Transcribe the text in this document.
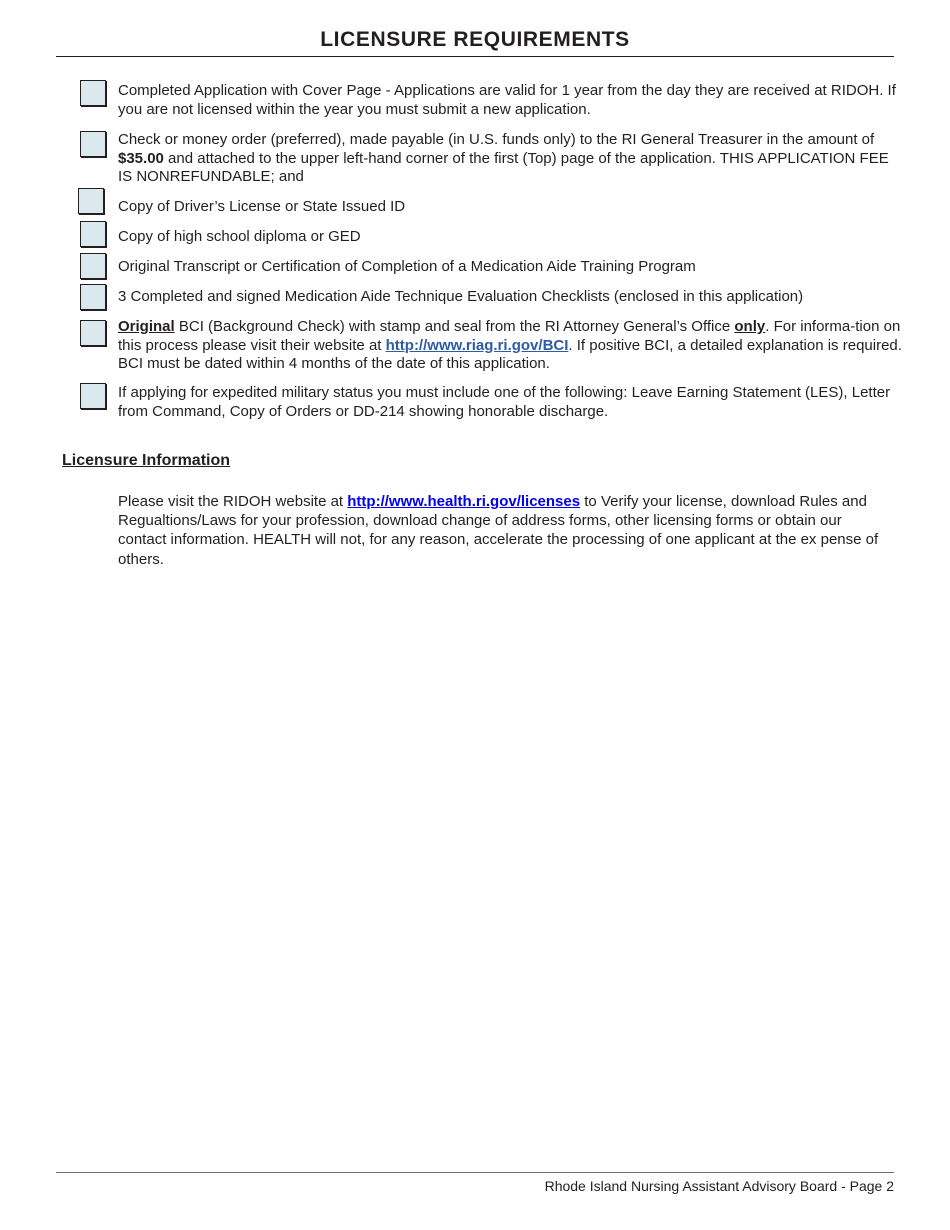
LICENSURE REQUIREMENTS
Completed Application with Cover Page - Applications are valid for 1 year from the day they are received at RIDOH. If you are not licensed within the year you must submit a new application.
Check or money order (preferred), made payable (in U.S. funds only) to the RI General Treasurer in the amount of $35.00 and attached to the upper left-hand corner of the first (Top) page of the application. THIS APPLICATION FEE IS NONREFUNDABLE; and
Copy of Driver’s License or State Issued ID
Copy of high school diploma or GED
Original Transcript or Certification of Completion of a Medication Aide Training Program
3 Completed and signed Medication Aide Technique Evaluation Checklists (enclosed in this application)
Original BCI (Background Check) with stamp and seal from the RI Attorney General’s Office only. For informa-tion on this process please visit their website at http://www.riag.ri.gov/BCI. If positive BCI, a detailed explanation is required. BCI must be dated within 4 months of the date of this application.
If applying for expedited military status you must include one of the following: Leave Earning Statement (LES), Letter from Command, Copy of Orders or DD-214 showing honorable discharge.
Licensure Information
Please visit the RIDOH website at http://www.health.ri.gov/licenses to Verify your license, download Rules and Regualtions/Laws for your profession, download change of address forms, other licensing forms or obtain our contact information. HEALTH will not, for any reason, accelerate the processing of one applicant at the ex pense of others.
Rhode Island Nursing Assistant Advisory Board - Page 2
